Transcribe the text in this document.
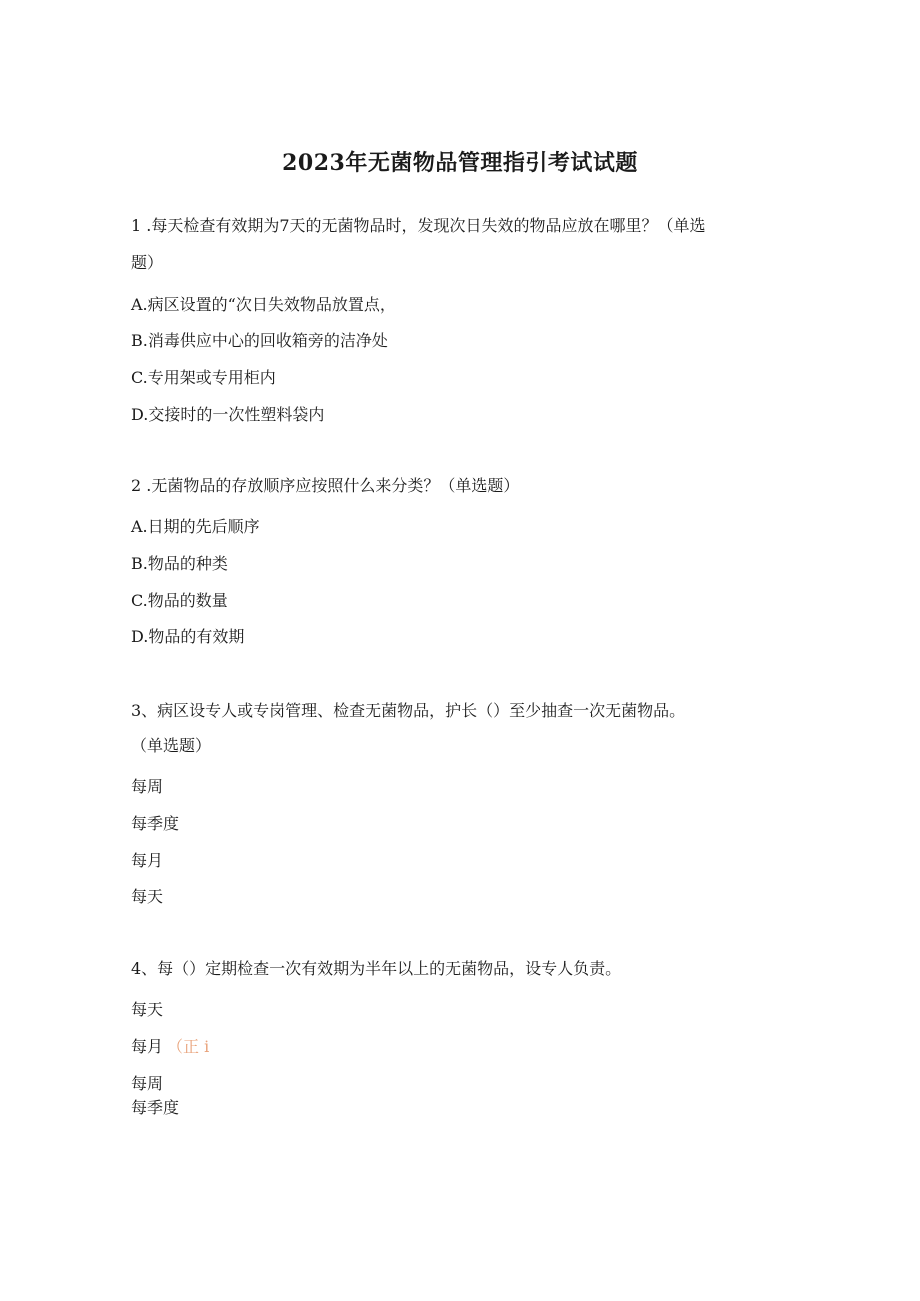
2023年无菌物品管理指引考试试题
1 .每天检查有效期为7天的无菌物品时，发现次日失效的物品应放在哪里？（单选
题）
A.病区设置的“次日失效物品放置点，
B.消毒供应中心的回收箱旁的洁净处
C.专用架或专用柜内
D.交接时的一次性塑料袋内
2 .无菌物品的存放顺序应按照什么来分类？（单选题）
A.日期的先后顺序
B.物品的种类
C.物品的数量
D.物品的有效期
3、病区设专人或专岗管理、检查无菌物品，护长（）至少抽查一次无菌物品。
（单选题）
每周
每季度
每月
每天
4、每（）定期检查一次有效期为半年以上的无菌物品，设专人负责。
每天
每月 （正 i
每周
每季度
